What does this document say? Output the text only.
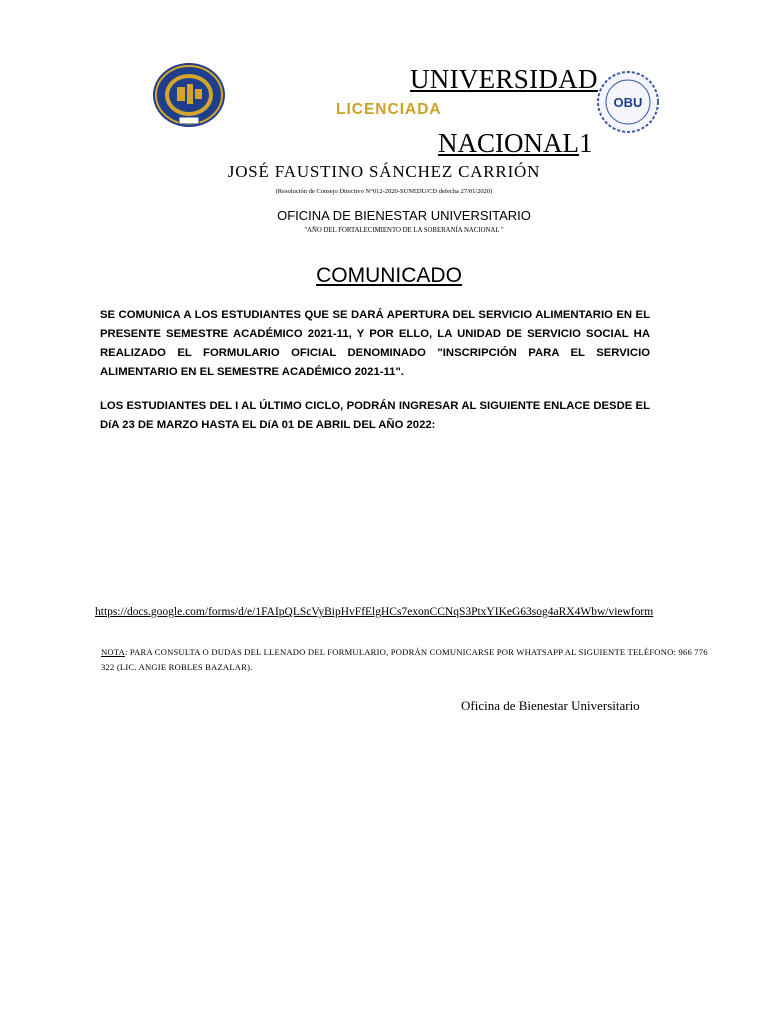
OBU
UNIVERSIDAD
LICENCIADA
NACIONAL1
JOSÉ FAUSTINO SÁNCHEZ CARRIÓN
(Resolución de Consejo Directivo N°012-2020-SUNEDU/CD defecha 27/01/2020)
OFICINA DE BIENESTAR UNIVERSITARIO
"AÑO DEL FORTALECIMIENTO DE LA SOBERANÍA NACIONAL "
COMUNICADO
SE COMUNICA A LOS ESTUDIANTES QUE SE DARÁ APERTURA DEL SERVICIO ALIMENTARIO EN EL PRESENTE SEMESTRE ACADÉMICO 2021-11, Y POR ELLO, LA UNIDAD DE SERVICIO SOCIAL HA REALIZADO EL FORMULARIO OFICIAL DENOMINADO "INSCRIPCIÓN PARA EL SERVICIO ALIMENTARIO EN EL SEMESTRE ACADÉMICO 2021-11".
LOS ESTUDIANTES DEL I AL ÚLTIMO CICLO, PODRÁN INGRESAR AL SIGUIENTE ENLACE DESDE EL DíA 23 DE MARZO HASTA EL DíA 01 DE ABRIL DEL AÑO 2022:
https://docs.google.com/forms/d/e/1FAIpQLScVyBipHvFfElgHCs7exonCCNqS3PtxYIKeG63sog4aRX4Wbw/viewform
NOTA: PARA CONSULTA O DUDAS DEL LLENADO DEL FORMULARIO, PODRÁN COMUNICARSE POR WHATSAPP AL SIGUIENTE TELÉFONO: 966 776 322 (LIC. ANGIE ROBLES BAZALAR).
Oficina de Bienestar Universitario
